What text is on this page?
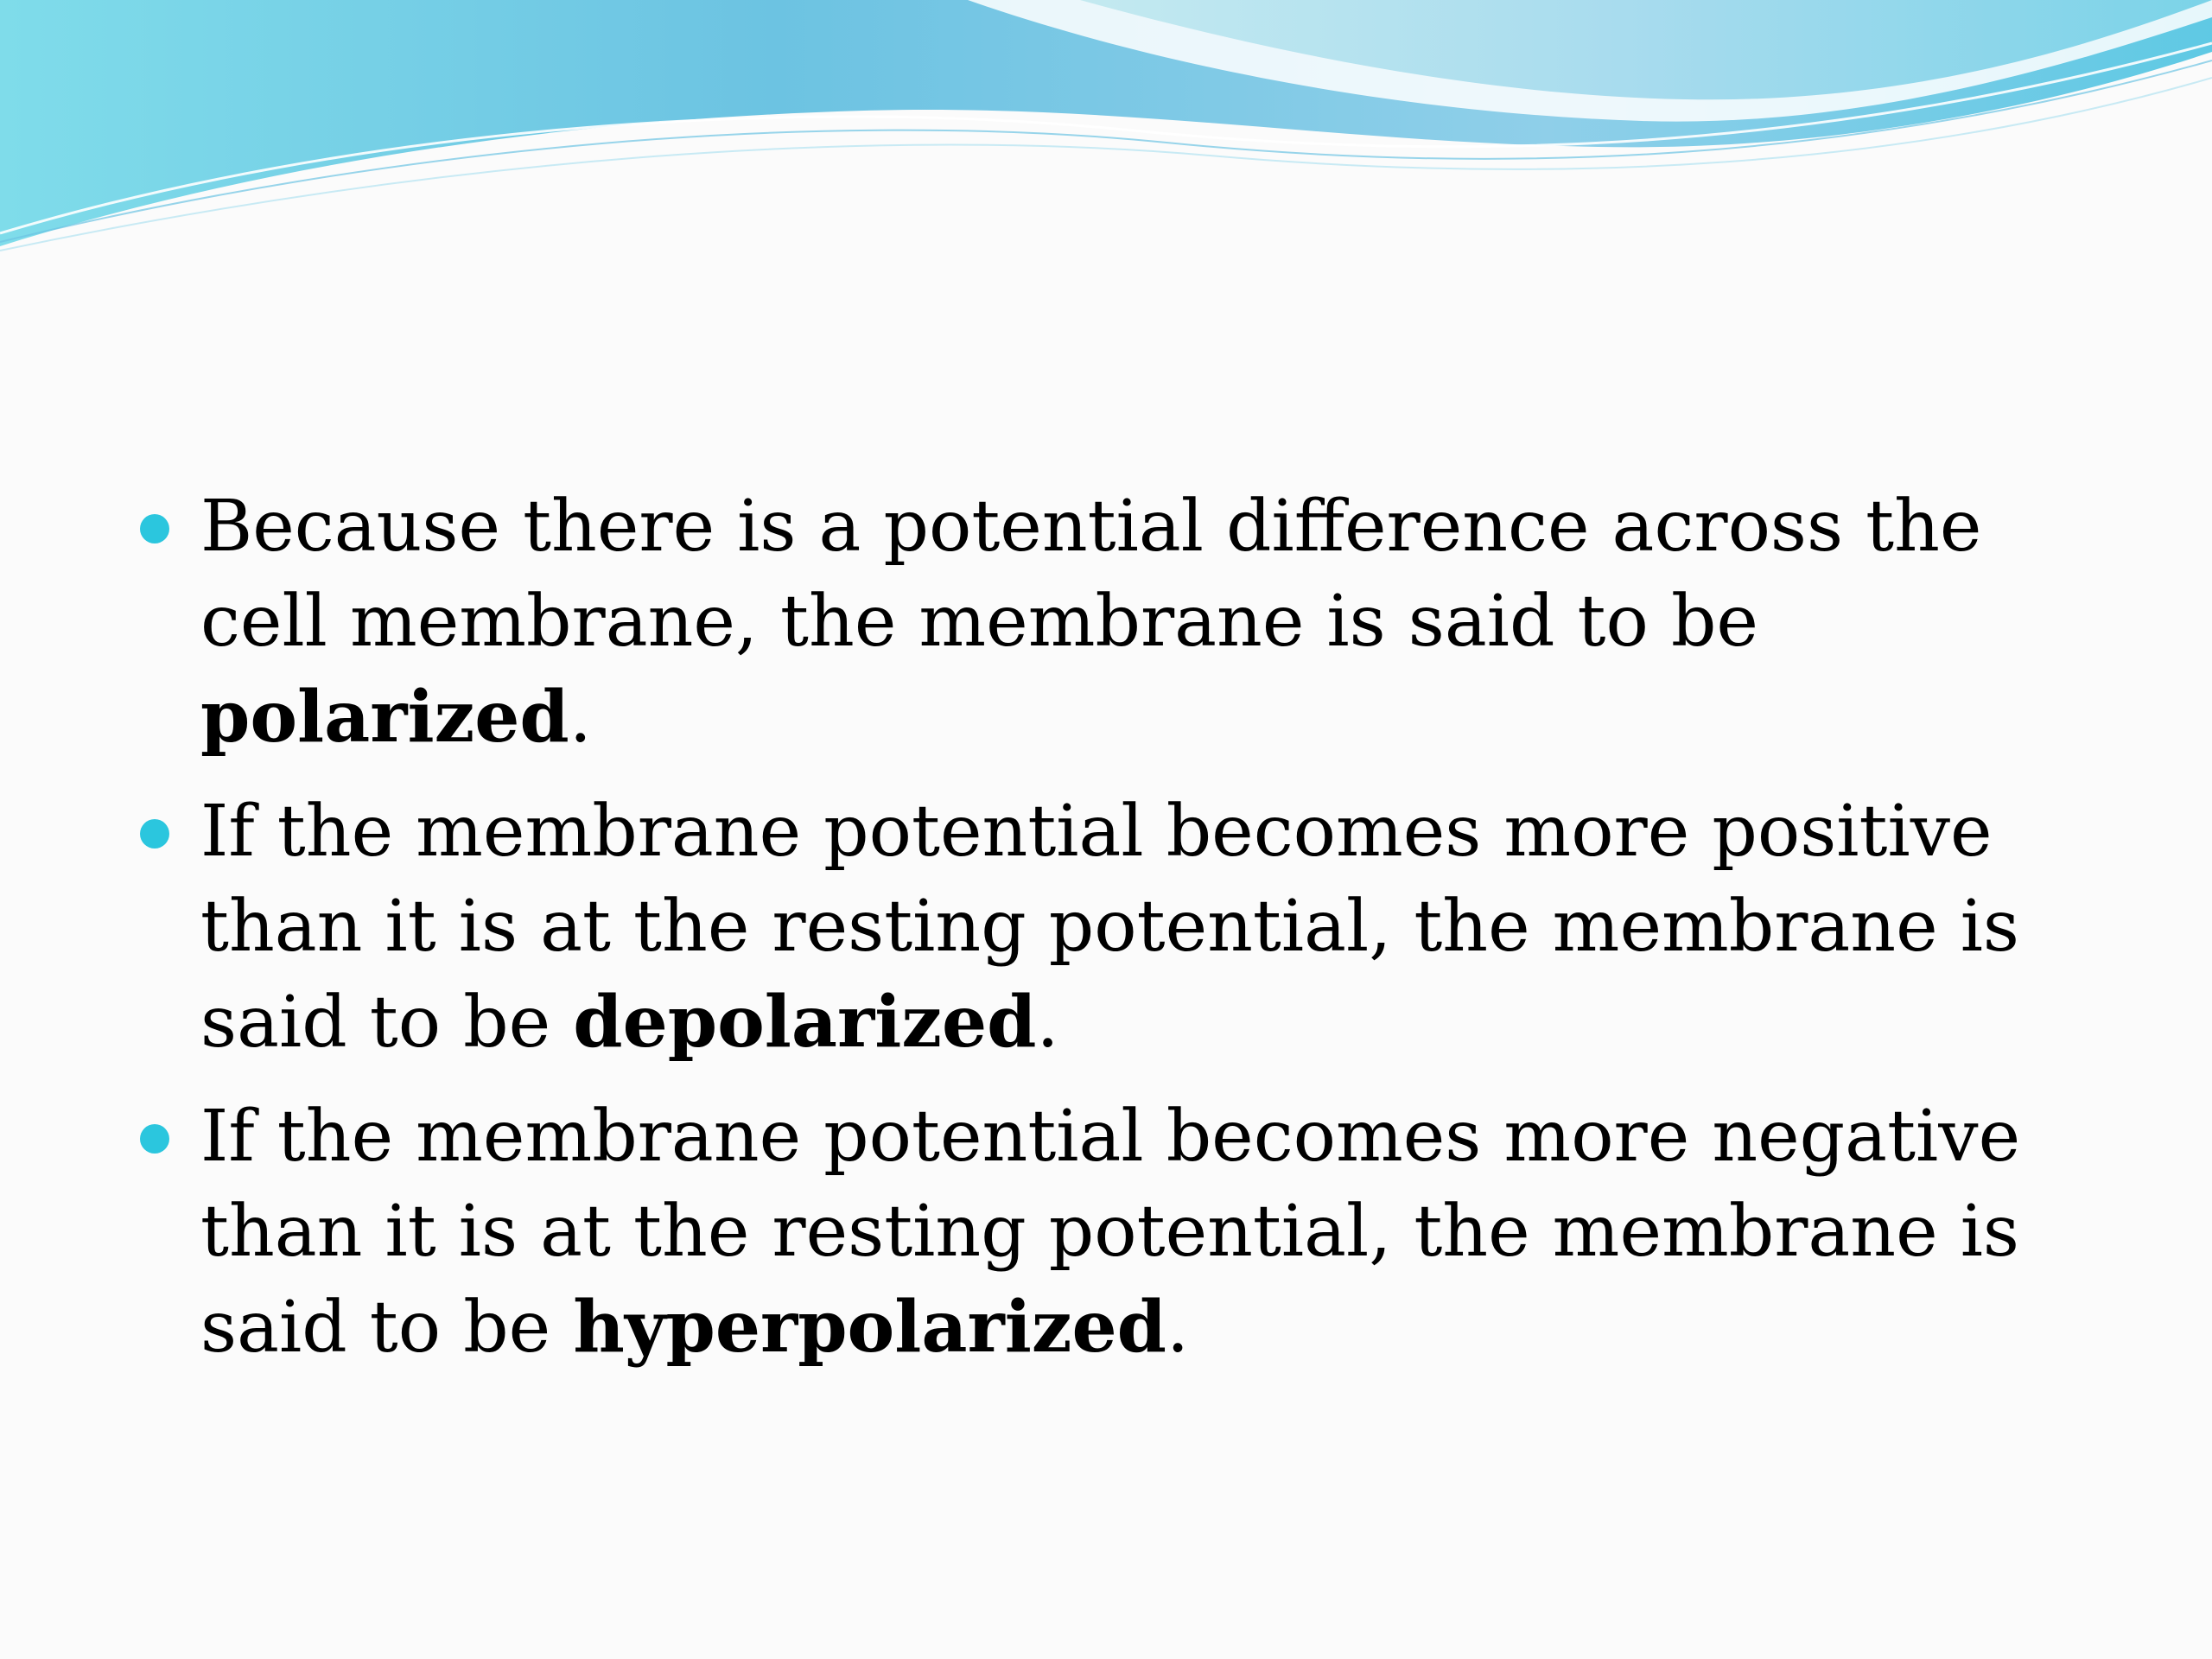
Because there is a potential difference across the cell membrane, the membrane is said to be polarized.
If the membrane potential becomes more positive than it is at the resting potential, the membrane is said to be depolarized.
If the membrane potential becomes more negative than it is at the resting potential, the membrane is said to be hyperpolarized.
